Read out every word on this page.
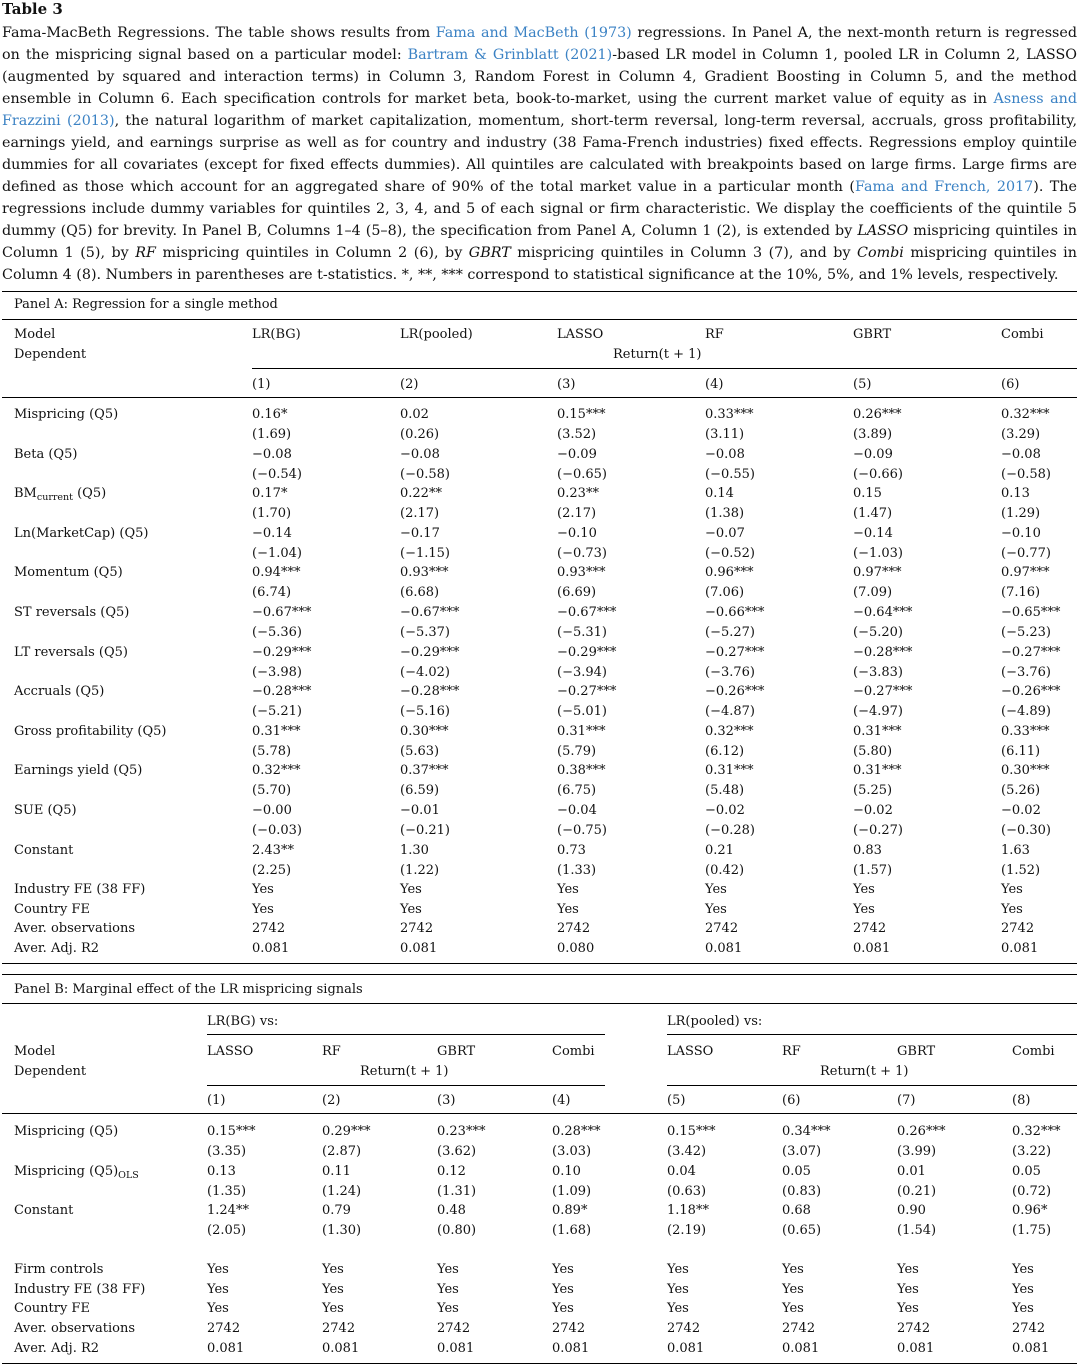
Table 3
Fama-MacBeth Regressions. The table shows results from Fama and MacBeth (1973) regressions. In Panel A, the next-month return is regressed on the mispricing signal based on a particular model: Bartram & Grinblatt (2021)-based LR model in Column 1, pooled LR in Column 2, LASSO (augmented by squared and interaction terms) in Column 3, Random Forest in Column 4, Gradient Boosting in Column 5, and the method ensemble in Column 6. Each specification controls for market beta, book-to-market, using the current market value of equity as in Asness and Frazzini (2013), the natural logarithm of market capitalization, momentum, short-term reversal, long-term reversal, accruals, gross profitability, earnings yield, and earnings surprise as well as for country and industry (38 Fama-French industries) fixed effects. Regressions employ quintile dummies for all covariates (except for fixed effects dummies). All quintiles are calculated with breakpoints based on large firms. Large firms are defined as those which account for an aggregated share of 90% of the total market value in a particular month (Fama and French, 2017). The regressions include dummy variables for quintiles 2, 3, 4, and 5 of each signal or firm characteristic. We display the coefficients of the quintile 5 dummy (Q5) for brevity. In Panel B, Columns 1–4 (5–8), the specification from Panel A, Column 1 (2), is extended by LASSO mispricing quintiles in Column 1 (5), by RF mispricing quintiles in Column 2 (6), by GBRT mispricing quintiles in Column 3 (7), and by Combi mispricing quintiles in Column 4 (8). Numbers in parentheses are t-statistics. *, **, *** correspond to statistical significance at the 10%, 5%, and 1% levels, respectively.
Panel A: Regression for a single method
Model	LR(BG)	LR(pooled)	LASSO	RF	GBRT	Combi
Dependent	Return(t + 1)
(1)	(2)	(3)	(4)	(5)	(6)
Mispricing (Q5)	0.16*	0.02	0.15***	0.33***	0.26***	0.32***
(1.69)	(0.26)	(3.52)	(3.11)	(3.89)	(3.29)
Beta (Q5)	−0.08	−0.08	−0.09	−0.08	−0.09	−0.08
(−0.54)	(−0.58)	(−0.65)	(−0.55)	(−0.66)	(−0.58)
$BM_{current}$ (Q5)	0.17*	0.22**	0.23**	0.14	0.15	0.13
(1.70)	(2.17)	(2.17)	(1.38)	(1.47)	(1.29)
Ln(MarketCap) (Q5)	−0.14	−0.17	−0.10	−0.07	−0.14	−0.10
(−1.04)	(−1.15)	(−0.73)	(−0.52)	(−1.03)	(−0.77)
Momentum (Q5)	0.94***	0.93***	0.93***	0.96***	0.97***	0.97***
(6.74)	(6.68)	(6.69)	(7.06)	(7.09)	(7.16)
ST reversals (Q5)	−0.67***	−0.67***	−0.67***	−0.66***	−0.64***	−0.65***
(−5.36)	(−5.37)	(−5.31)	(−5.27)	(−5.20)	(−5.23)
LT reversals (Q5)	−0.29***	−0.29***	−0.29***	−0.27***	−0.28***	−0.27***
(−3.98)	(−4.02)	(−3.94)	(−3.76)	(−3.83)	(−3.76)
Accruals (Q5)	−0.28***	−0.28***	−0.27***	−0.26***	−0.27***	−0.26***
(−5.21)	(−5.16)	(−5.01)	(−4.87)	(−4.97)	(−4.89)
Gross profitability (Q5)	0.31***	0.30***	0.31***	0.32***	0.31***	0.33***
(5.78)	(5.63)	(5.79)	(6.12)	(5.80)	(6.11)
Earnings yield (Q5)	0.32***	0.37***	0.38***	0.31***	0.31***	0.30***
(5.70)	(6.59)	(6.75)	(5.48)	(5.25)	(5.26)
SUE (Q5)	−0.00	−0.01	−0.04	−0.02	−0.02	−0.02
(−0.03)	(−0.21)	(−0.75)	(−0.28)	(−0.27)	(−0.30)
Constant	2.43**	1.30	0.73	0.21	0.83	1.63
(2.25)	(1.22)	(1.33)	(0.42)	(1.57)	(1.52)
Industry FE (38 FF)	Yes	Yes	Yes	Yes	Yes	Yes
Country FE	Yes	Yes	Yes	Yes	Yes	Yes
Aver. observations	2742	2742	2742	2742	2742	2742
Aver. Adj. R2	0.081	0.081	0.080	0.081	0.081	0.081
Panel B: Marginal effect of the LR mispricing signals
LR(BG) vs:	LR(pooled) vs:
Model	LASSO	RF	GBRT	Combi	LASSO	RF	GBRT	Combi
Dependent	Return(t + 1)	Return(t + 1)
(1)	(2)	(3)	(4)	(5)	(6)	(7)	(8)
Mispricing (Q5)	0.15***	0.29***	0.23***	0.28***	0.15***	0.34***	0.26***	0.32***
(3.35)	(2.87)	(3.62)	(3.03)	(3.42)	(3.07)	(3.99)	(3.22)
Mispricing $(Q5)_{OLS}$	0.13	0.11	0.12	0.10	0.04	0.05	0.01	0.05
(1.35)	(1.24)	(1.31)	(1.09)	(0.63)	(0.83)	(0.21)	(0.72)
Constant	1.24**	0.79	0.48	0.89*	1.18**	0.68	0.90	0.96*
(2.05)	(1.30)	(0.80)	(1.68)	(2.19)	(0.65)	(1.54)	(1.75)
Firm controls	Yes	Yes	Yes	Yes	Yes	Yes	Yes	Yes
Industry FE (38 FF)	Yes	Yes	Yes	Yes	Yes	Yes	Yes	Yes
Country FE	Yes	Yes	Yes	Yes	Yes	Yes	Yes	Yes
Aver. observations	2742	2742	2742	2742	2742	2742	2742	2742
Aver. Adj. R2	0.081	0.081	0.081	0.081	0.081	0.081	0.081	0.081
